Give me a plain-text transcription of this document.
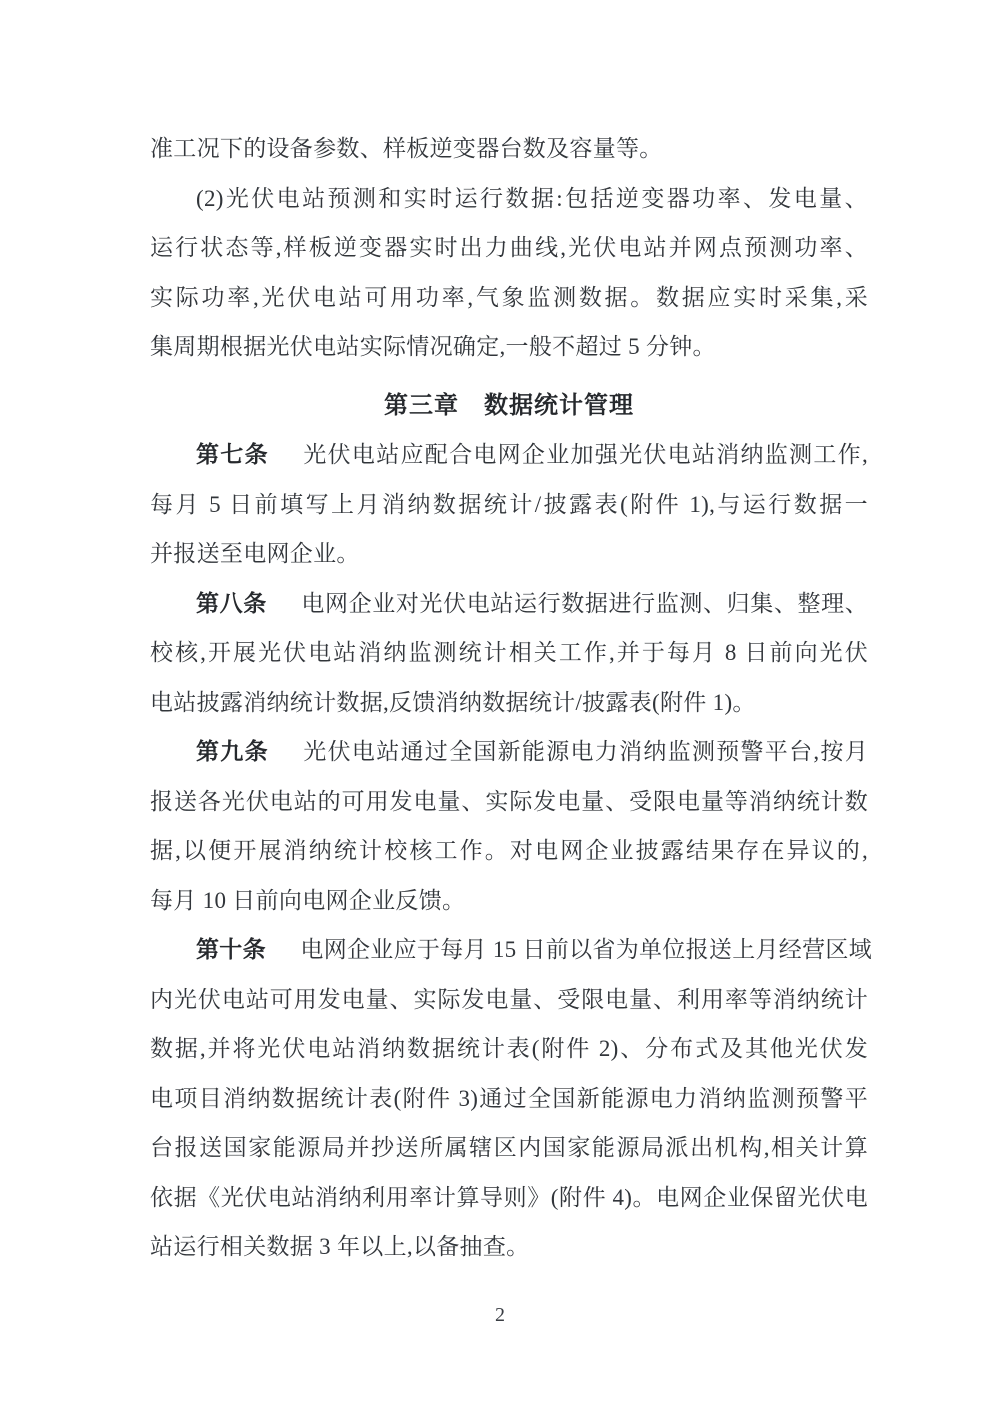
准工况下的设备参数、样板逆变器台数及容量等。
(2)光伏电站预测和实时运行数据:包括逆变器功率、发电量、
运行状态等,样板逆变器实时出力曲线,光伏电站并网点预测功率、
实际功率,光伏电站可用功率,气象监测数据。数据应实时采集,采
集周期根据光伏电站实际情况确定,一般不超过 5 分钟。
第三章　数据统计管理
第七条 光伏电站应配合电网企业加强光伏电站消纳监测工作,
每月 5 日前填写上月消纳数据统计/披露表(附件 1),与运行数据一
并报送至电网企业。
第八条 电网企业对光伏电站运行数据进行监测、归集、整理、
校核,开展光伏电站消纳监测统计相关工作,并于每月 8 日前向光伏
电站披露消纳统计数据,反馈消纳数据统计/披露表(附件 1)。
第九条 光伏电站通过全国新能源电力消纳监测预警平台,按月
报送各光伏电站的可用发电量、实际发电量、受限电量等消纳统计数
据,以便开展消纳统计校核工作。对电网企业披露结果存在异议的,
每月 10 日前向电网企业反馈。
第十条 电网企业应于每月 15 日前以省为单位报送上月经营区域
内光伏电站可用发电量、实际发电量、受限电量、利用率等消纳统计
数据,并将光伏电站消纳数据统计表(附件 2)、分布式及其他光伏发
电项目消纳数据统计表(附件 3)通过全国新能源电力消纳监测预警平
台报送国家能源局并抄送所属辖区内国家能源局派出机构,相关计算
依据《光伏电站消纳利用率计算导则》(附件 4)。电网企业保留光伏电
站运行相关数据 3 年以上,以备抽查。
2
